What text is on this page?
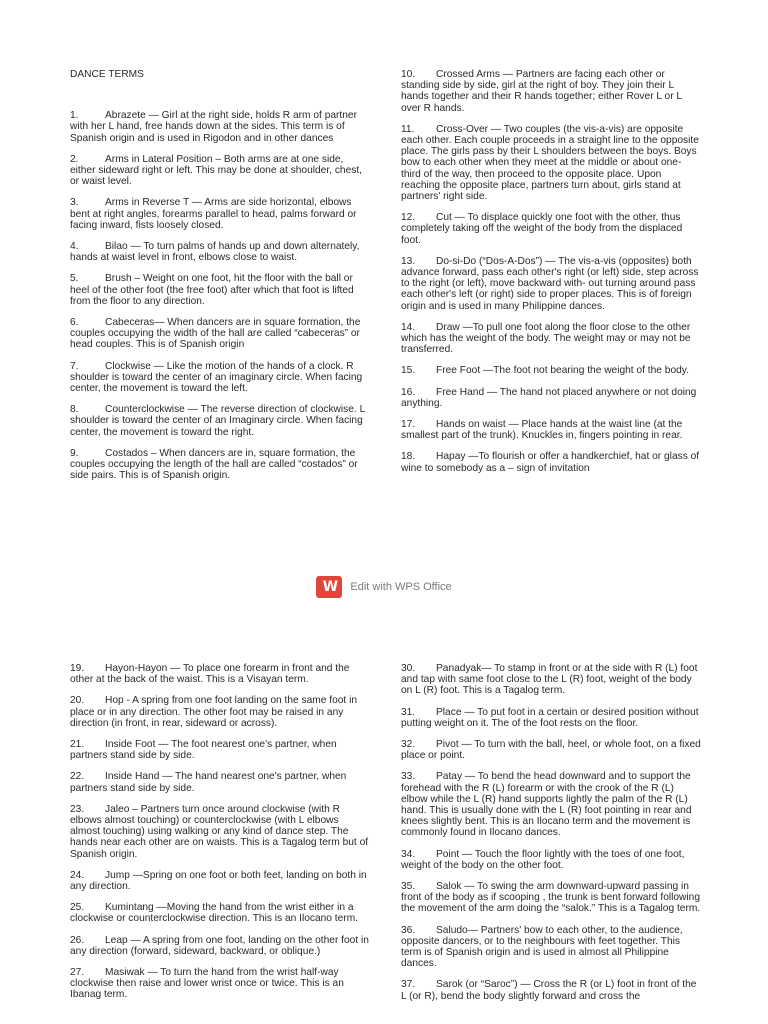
DANCE TERMS

1.	Abrazete — Girl at the right side, holds R arm of partner with her L hand, free hands down at the sides. This term is of Spanish origin and is used in Rigodon and in other dances

2.	Arms in Lateral Position – Both arms are at one side, either sideward right or left. This may be done at shoulder, chest, or waist level.

3.	Arms in Reverse T — Arms are side horizontal, elbows bent at right angles, forearms parallel to head, palms forward or facing inward, fists loosely closed.

4.	Bilao — To turn palms of hands up and down alternately, hands at waist level in front, elbows close to waist.

5.	Brush – Weight on one foot, hit the floor with the ball or heel of the other foot (the free foot) after which that foot is lifted from the floor to any direction.

6.	Cabeceras— When dancers are in square formation, the couples occupying the width of the hall are called “cabeceras” or head couples. This is of Spanish origin

7.	Clockwise — Like the motion of the hands of a clock. R shoulder is toward the center of an imaginary circle. When facing center, the movement is toward the left.

8.	Counterclockwise — The reverse direction of clockwise. L shoulder is toward the center of an Imaginary circle. When facing center, the movement is toward the right.

9.	Costados – When dancers are in, square formation, the couples occupying the length of the hall are called “costados” or side pairs. This is of Spanish origin.

10. Crossed Arms — Partners are facing each other or standing side by side, girl at the right of boy. They join their L hands together and their R hands together; either Rover L or L over R hands.

11. Cross-Over — Two couples (the vis-a-vis) are opposite each other. Each couple proceeds in a straight line to the opposite place. The girls pass by their L shoulders between the boys. Boys bow to each other when they meet at the middle or about one-third of the way, then proceed to the opposite place. Upon reaching the opposite place, partners turn about, girls stand at partners' right side.

12. Cut — To displace quickly one foot with the other, thus completely taking off the weight of the body from the displaced foot.

13. Do-si-Do (“Dos-A-Dos”) — The vis-a-vis (opposites) both advance forward, pass each other's right (or left) side, step across to the right (or left), move backward with- out turning around pass each other's left (or right) side to proper places. This is of foreign origin and is used in many Philippine dances.

14. Draw —To pull one foot along the floor close to the other which has the weight of the body. The weight may or may not be transferred.

15. Free Foot —The foot not bearing the weight of the body.

16. Free Hand — The hand not placed anywhere or not doing anything.

17. Hands on waist — Place hands at the waist line (at the smallest part of the trunk). Knuckles in, fingers pointing in rear.

18. Hapay —To flourish or offer a handkerchief, hat or glass of wine to somebody as a – sign of invitation

W Edit with WPS Office

19. Hayon-Hayon — To place one forearm in front and the other at the back of the waist. This is a Visayan term.

20. Hop - A spring from one foot landing on the same foot in place or in any direction. The other foot may be raised in any direction (in front, in rear, sideward or across).

21. Inside Foot — The foot nearest one's partner, when partners stand side by side.

22. Inside Hand — The hand nearest one's partner, when partners stand side by side.

23. Jaleo – Partners turn once around clockwise (with R elbows almost touching) or counterclockwise (with L elbows almost touching) using walking or any kind of dance step. The hands near each other are on waists. This is a Tagalog term but of Spanish origin.

24. Jump —Spring on one foot or both feet, landing on both in any direction.

25. Kumintang —Moving the hand from the wrist either in a clockwise or counterclockwise direction. This is an Ilocano term.

26. Leap — A spring from one foot, landing on the other foot in any direction (forward, sideward, backward, or oblique.)

27. Masiwak — To turn the hand from the wrist half-way clockwise then raise and lower wrist once or twice. This is an Ibanag term.

30. Panadyak— To stamp in front or at the side with R (L) foot and tap with same foot close to the L (R) foot, weight of the body on L (R) foot. This is a Tagalog term.

31. Place — To put foot in a certain or desired position without putting weight on it. The of the foot rests on the floor.

32. Pivot — To turn with the ball, heel, or whole foot, on a fixed place or point.

33. Patay — To bend the head downward and to support the forehead with the R (L) forearm or with the crook of the R (L) elbow while the L (R) hand supports lightly the palm of the R (L) hand. This is usually done with the L (R) foot pointing in rear and knees slightly bent. This is an Ilocano term and the movement is commonly found in Ilocano dances.

34. Point — Touch the floor lightly with the toes of one foot, weight of the body on the other foot.

35. Salok — To swing the arm downward-upward passing in front of the body as if scooping , the trunk is bent forward following the movement of the arm doing the “salok.” This is a Tagalog term.

36. Saludo— Partners' bow to each other, to the audience, opposite dancers, or to the neighbours with feet together. This term is of Spanish origin and is used in almost all Philippine dances.

37. Sarok (or “Saroc”) — Cross the R (or L) foot in front of the L (or R), bend the body slightly forward and cross the
